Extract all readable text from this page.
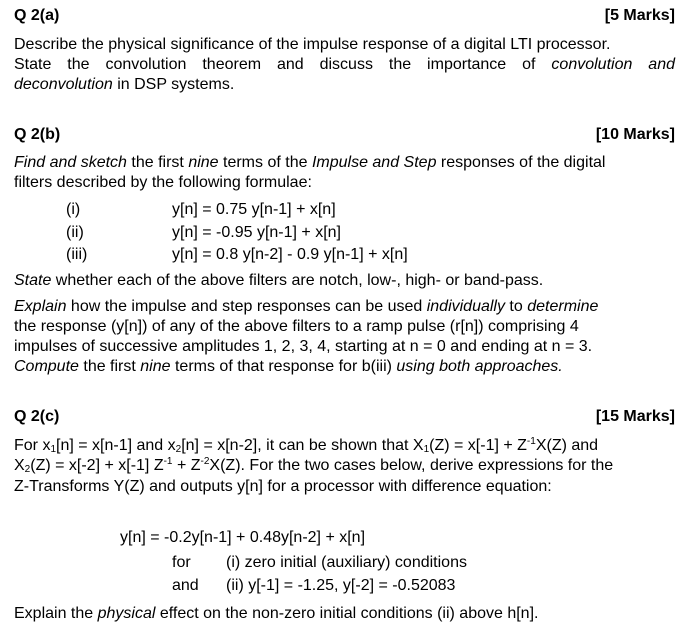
Q 2(a)	[5 Marks]
Describe the physical significance of the impulse response of a digital LTI processor.
State the convolution theorem and discuss the importance of convolution and
deconvolution in DSP systems.
Q 2(b)	[10 Marks]
Find and sketch the first nine terms of the Impulse and Step responses of the digital
filters described by the following formulae:
(i)	y[n] = 0.75 y[n-1] + x[n]
(ii)	y[n] = -0.95 y[n-1] + x[n]
(iii)	y[n] = 0.8 y[n-2] - 0.9 y[n-1] + x[n]
State whether each of the above filters are notch, low-, high- or band-pass.
Explain how the impulse and step responses can be used individually to determine
the response (y[n]) of any of the above filters to a ramp pulse (r[n]) comprising 4
impulses of successive amplitudes 1, 2, 3, 4, starting at n = 0 and ending at n = 3.
Compute the first nine terms of that response for b(iii) using both approaches.
Q 2(c)	[15 Marks]
For $x_1[n] = x[n-1]$ and $x_2[n] = x[n-2]$, it can be shown that $X_1(Z) = x[-1] + Z^{-1}X(Z)$ and
$X_2(Z) = x[-2] + x[-1] Z^{-1} + Z^{-2}X(Z)$. For the two cases below, derive expressions for the
Z-Transforms Y(Z) and outputs y[n] for a processor with difference equation:
y[n] = -0.2y[n-1] + 0.48y[n-2] + x[n]
for (i) zero initial (auxiliary) conditions
and (ii) y[-1] = -1.25, y[-2] = -0.52083
Explain the physical effect on the non-zero initial conditions (ii) above h[n].
